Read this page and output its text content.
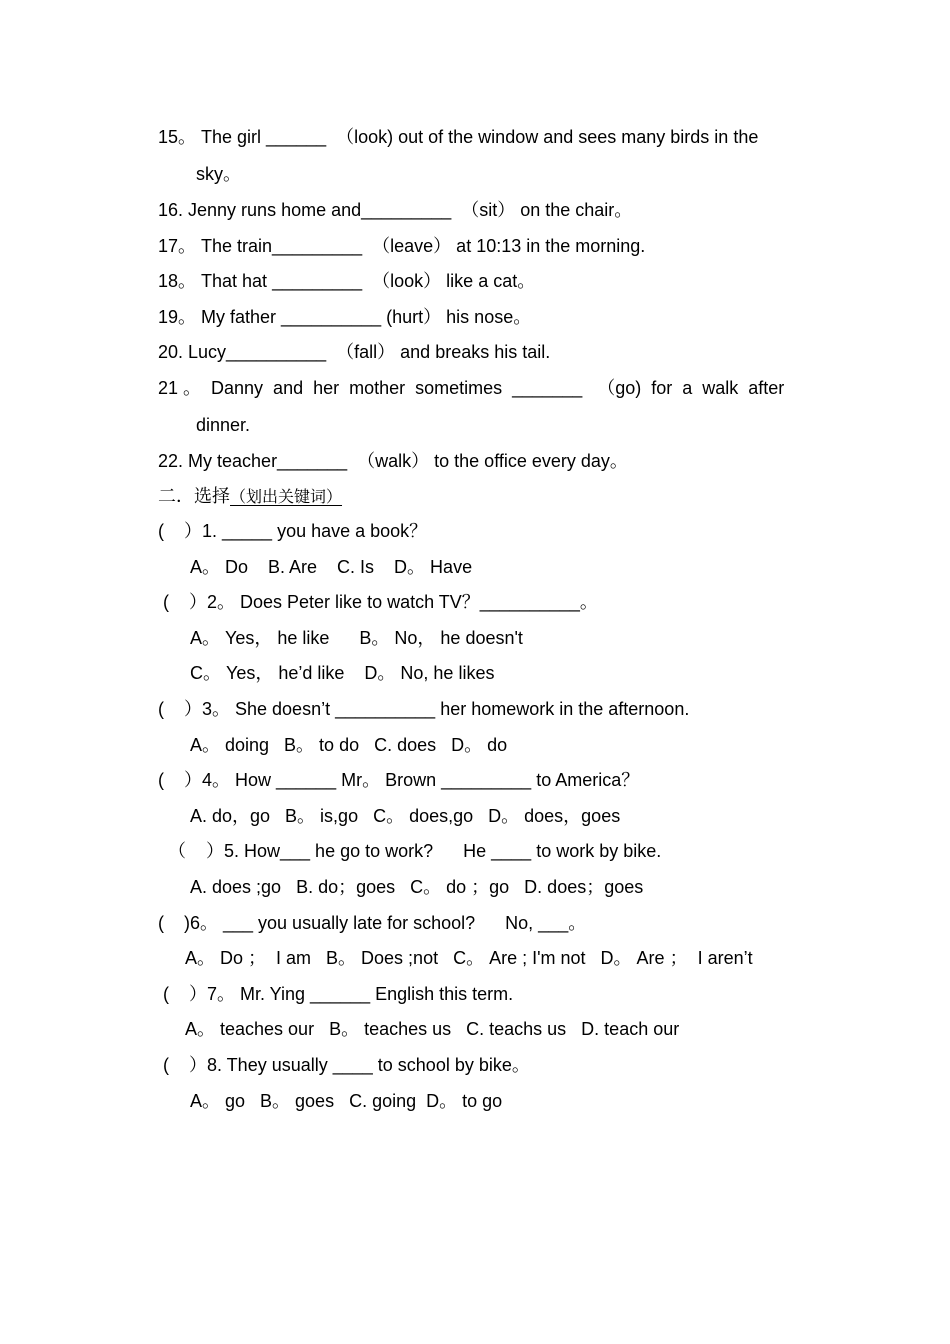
15。 The girl ______  （look) out of the window and sees many birds in the
sky。
16. Jenny runs home and_________  （sit） on the chair。
17。 The train_________  （leave） at 10:13 in the morning.
18。 That hat _________  （look） like a cat。
19。 My father __________ (hurt） his nose。
20. Lucy__________  （fall） and breaks his tail.
21 。  Danny  and  her  mother  sometimes  _______   （go)  for  a  walk  after
dinner.
22. My teacher_______  （walk） to the office every day。
二．选择（划出关键词）
(    ）1. _____ you have a book？
A。 Do    B. Are    C. Is    D。 Have
(    ）2。 Does Peter like to watch TV？__________。
A。 Yes， he like      B。 No， he doesn't
C。 Yes， he’d like    D。 No, he likes
(    ）3。 She doesn’t __________ her homework in the afternoon.
A。 doing   B。 to do   C. does   D。 do
(    ）4。 How ______ Mr。 Brown _________ to America？
A. do，go   B。 is,go   C。 does,go   D。 does，goes
（    ）5. How___ he go to work?      He ____ to work by bike.
A. does ;go   B. do；goes   C。 do ；go   D. does；goes
(    )6。 ___ you usually late for school?      No, ___。
A。 Do ；  I am   B。 Does ;not   C。 Are ; I'm not   D。 Are ；  I aren’t
(    ）7。 Mr. Ying ______ English this term.
A。 teaches our   B。 teaches us   C. teachs us   D. teach our
(    ）8. They usually ____ to school by bike。
A。 go   B。 goes   C. going  D。 to go
